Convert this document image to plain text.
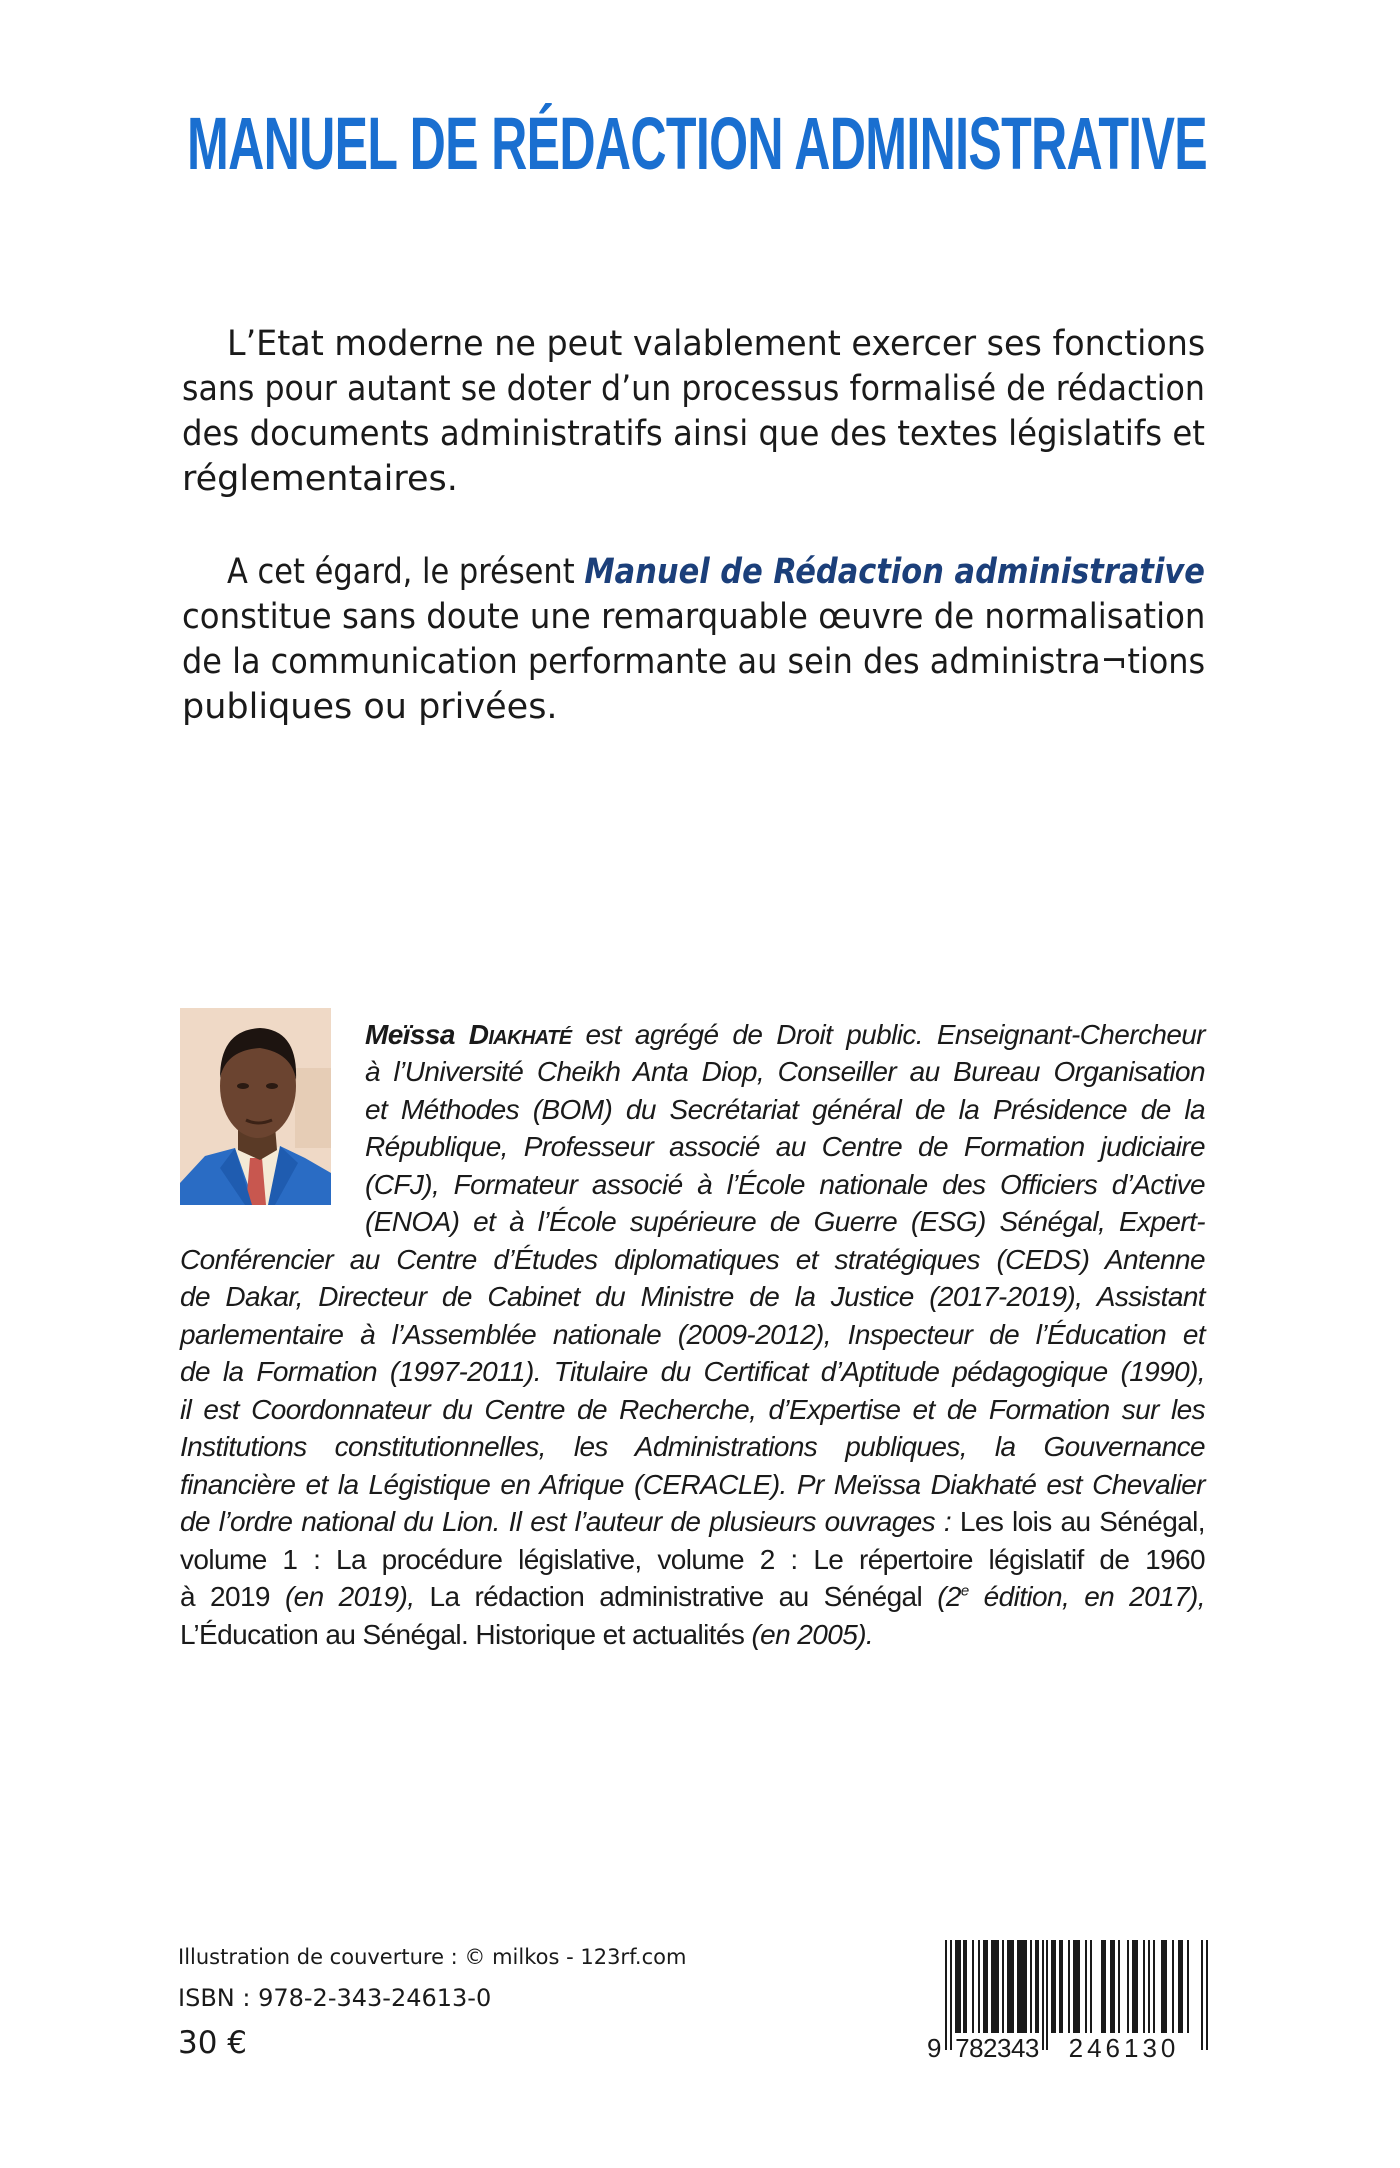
MANUEL DE RÉDACTION ADMINISTRATIVE
L’Etat moderne ne peut valablement exercer ses fonctions
sans pour autant se doter d’un processus formalisé de rédaction
des documents administratifs ainsi que des textes législatifs et
réglementaires.
A cet égard, le présent Manuel de Rédaction administrative
constitue sans doute une remarquable œuvre de normalisation
de la communication performante au sein des administra¬tions
publiques ou privées.
Meïssa Diakhaté est agrégé de Droit public. Enseignant-Chercheur
à l’Université Cheikh Anta Diop, Conseiller au Bureau Organisation
et Méthodes (BOM) du Secrétariat général de la Présidence de la
République, Professeur associé au Centre de Formation judiciaire
(CFJ), Formateur associé à l’École nationale des Officiers d’Active
(ENOA) et à l’École supérieure de Guerre (ESG) Sénégal, Expert-
Conférencier au Centre d’Études diplomatiques et stratégiques (CEDS) Antenne
de Dakar, Directeur de Cabinet du Ministre de la Justice (2017-2019), Assistant
parlementaire à l’Assemblée nationale (2009-2012), Inspecteur de l’Éducation et
de la Formation (1997-2011). Titulaire du Certificat d’Aptitude pédagogique (1990),
il est Coordonnateur du Centre de Recherche, d’Expertise et de Formation sur les
Institutions constitutionnelles, les Administrations publiques, la Gouvernance
financière et la Légistique en Afrique (CERACLE). Pr Meïssa Diakhaté est Chevalier
de l’ordre national du Lion. Il est l’auteur de plusieurs ouvrages : Les lois au Sénégal,
volume 1 : La procédure législative, volume 2 : Le répertoire législatif de 1960
à 2019 (en 2019), La rédaction administrative au Sénégal (2e édition, en 2017),
L’Éducation au Sénégal. Historique et actualités (en 2005).
Illustration de couverture : © milkos - 123rf.com
ISBN : 978-2-343-24613-0
30 €	9 782343	246130
